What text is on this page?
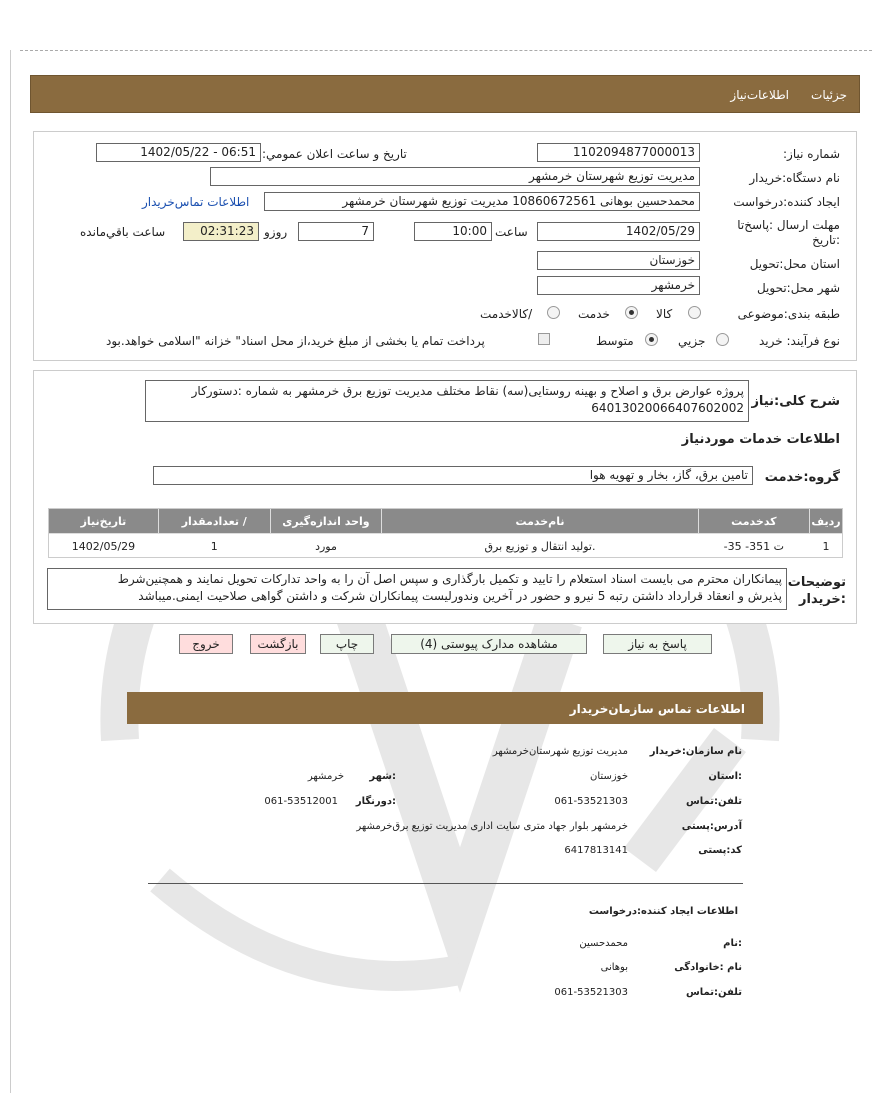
جزئیات
اطلاعات‌نیاز
شماره نیاز:
1102094877000013
تاریخ و ساعت اعلان عمومي:
1402/05/22 - 06:51
نام دستگاه:خریدار
مدیریت توزیع شهرستان خرمشهر
ایجاد کننده:درخواست
محمدحسین بوهانی 10860672561 مدیریت توزیع شهرستان خرمشهر
اطلاعات تماس‌خریدار
مهلت ارسال :پاسخ‌تا
:تاریخ
1402/05/29
ساعت
10:00
7
روزو
02:31:23
ساعت باقي‌مانده
استان محل:تحویل
خوزستان
شهر محل:تحویل
خرمشهر
طبقه بندی:موضوعی
کالا
خدمت
/کالاخدمت
نوع فرآیند: خرید
جزيي
متوسط
پرداخت تمام یا بخشی از مبلغ خرید،از محل اسناد" خزانه "اسلامی خواهد.بود
شرح کلی:نیاز
پروژه عوارض برق و اصلاح و بهینه روستایی(سه) نقاط مختلف مدیریت توزیع برق خرمشهر به شماره :دستورکار
64013020066407602002
اطلاعات خدمات موردنیاز
گروه:خدمت
تامین برق، گاز، بخار و تهویه هوا
ردیف	کدخدمت	نام‌خدمت	واحد اندازه‌گیری	/ تعدادمقدار	تاریخ‌نیاز
1	ت 351- 35-	.تولید انتقال و توزیع برق	مورد	1	1402/05/29
توضیحات
:خریدار
پیمانکاران محترم می بایست اسناد استعلام را تایید و تکمیل بارگذاری و سپس اصل آن را به واحد تدارکات تحویل نمایند و همچنین‌شرط
پذیرش و انعقاد قرارداد داشتن رتبه 5 نیرو و حضور در آخرین وندورلیست پیمانکاران شرکت و داشتن گواهی صلاحیت ایمنی.میباشد
پاسخ به نیاز
مشاهده مدارک پیوستی (4)
چاپ
بازگشت
خروج
اطلاعات تماس سازمان‌خریدار
نام سازمان:خریدار
مدیریت توزیع شهرستان‌خرمشهر
:استان
خوزستان
:شهر
خرمشهر
تلفن:تماس
061-53521303
:دورنگار
061-53512001
آدرس:پستی
خرمشهر بلوار جهاد متری سایت اداری مدیریت توزیع برق‌خرمشهر
کد:پستی
6417813141
اطلاعات ایجاد کننده:درخواست
:نام
محمدحسین
نام :خانوادگی
بوهانی
تلفن:تماس
061-53521303
